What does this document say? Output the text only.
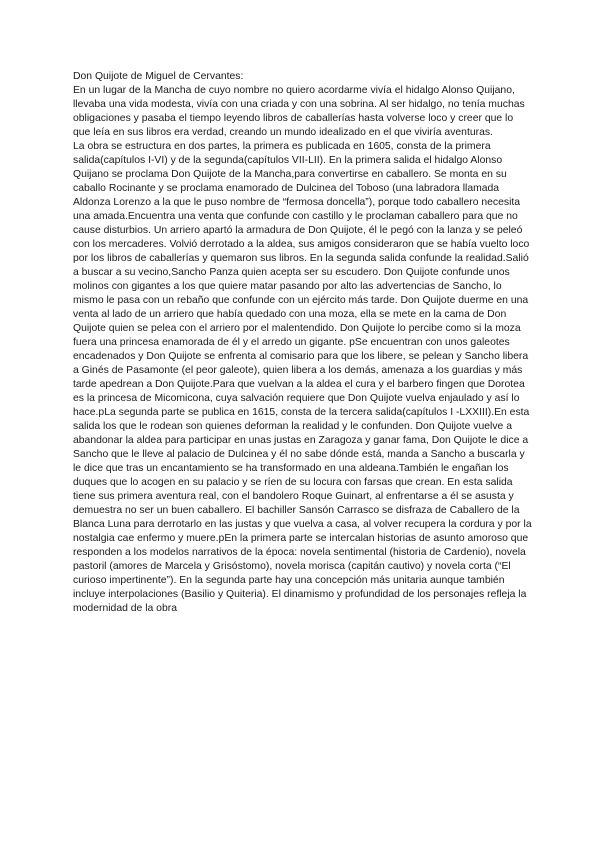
Don Quijote de Miguel de Cervantes:

En un lugar de la Mancha de cuyo nombre no quiero acordarme vivía el hidalgo Alonso Quijano, llevaba una vida modesta, vivía con una criada y con una sobrina. Al ser hidalgo, no tenía muchas obligaciones y pasaba el tiempo leyendo libros de caballerías hasta volverse loco y creer que lo que leía en sus libros era verdad, creando un mundo idealizado en el que viviría aventuras.

La obra se estructura en dos partes, la primera es publicada en 1605, consta de la primera salida(capítulos I-VI) y de la segunda(capítulos VII-LII). En la primera salida el hidalgo Alonso Quijano se proclama Don Quijote de la Mancha,para convertirse en caballero. Se monta en su caballo Rocinante y se proclama enamorado de Dulcinea del Toboso (una labradora llamada Aldonza Lorenzo a la que le puso nombre de “fermosa doncella”), porque todo caballero necesita una amada.Encuentra una venta que confunde con castillo y le proclaman caballero para que no cause disturbios. Un arriero apartó la armadura de Don Quijote, él le pegó con la lanza y se peleó con los mercaderes. Volvió derrotado a la aldea, sus amigos consideraron que se había vuelto loco por los libros de caballerías y quemaron sus libros. En la segunda salida confunde la realidad.Salió a buscar a su vecino,Sancho Panza quien acepta ser su escudero. Don Quijote confunde unos molinos con gigantes a los que quiere matar pasando por alto las advertencias de Sancho, lo mismo le pasa con un rebaño que confunde con un ejército más tarde. Don Quijote duerme en una venta al lado de un arriero que había quedado con una moza, ella se mete en la cama de Don Quijote quien se pelea con el arriero por el malentendido. Don Quijote lo percibe como si la moza fuera una princesa enamorada de él y el arredo un gigante. pSe encuentran con unos galeotes encadenados y Don Quijote se enfrenta al comisario para que los libere, se pelean y Sancho libera a Ginés de Pasamonte (el peor galeote), quien libera a los demás, amenaza a los guardias y más tarde apedrean a Don Quijote.Para que vuelvan a la aldea el cura y el barbero fingen que Dorotea es la princesa de Micomicona, cuya salvación requiere que Don Quijote vuelva enjaulado y así lo hace.pLa segunda parte se publica en 1615, consta de la tercera salida(capítulos I -LXXIII).En esta salida los que le rodean son quienes deforman la realidad y le confunden. Don Quijote vuelve a abandonar la aldea para participar en unas justas en Zaragoza y ganar fama, Don Quijote le dice a Sancho que le lleve al palacio de Dulcinea y él no sabe dónde está, manda a Sancho a buscarla y le dice que tras un encantamiento se ha transformado en una aldeana.También le engañan los duques que lo acogen en su palacio y se ríen de su locura con farsas que crean. En esta salida tiene sus primera aventura real, con el bandolero Roque Guinart, al enfrentarse a él se asusta y demuestra no ser un buen caballero. El bachiller Sansón Carrasco se disfraza de Caballero de la Blanca Luna para derrotarlo en las justas y que vuelva a casa, al volver recupera la cordura y por la nostalgia cae enfermo y muere.pEn la primera parte se intercalan historias de asunto amoroso que responden a los modelos narrativos de la época: novela sentimental (historia de Cardenio), novela pastoril (amores de Marcela y Grisóstomo), novela morisca (capitán cautivo) y novela corta (“El curioso impertinente”). En la segunda parte hay una concepción más unitaria aunque también incluye interpolaciones (Basilio y Quiteria). El dinamismo y profundidad de los personajes refleja la modernidad de la obra
